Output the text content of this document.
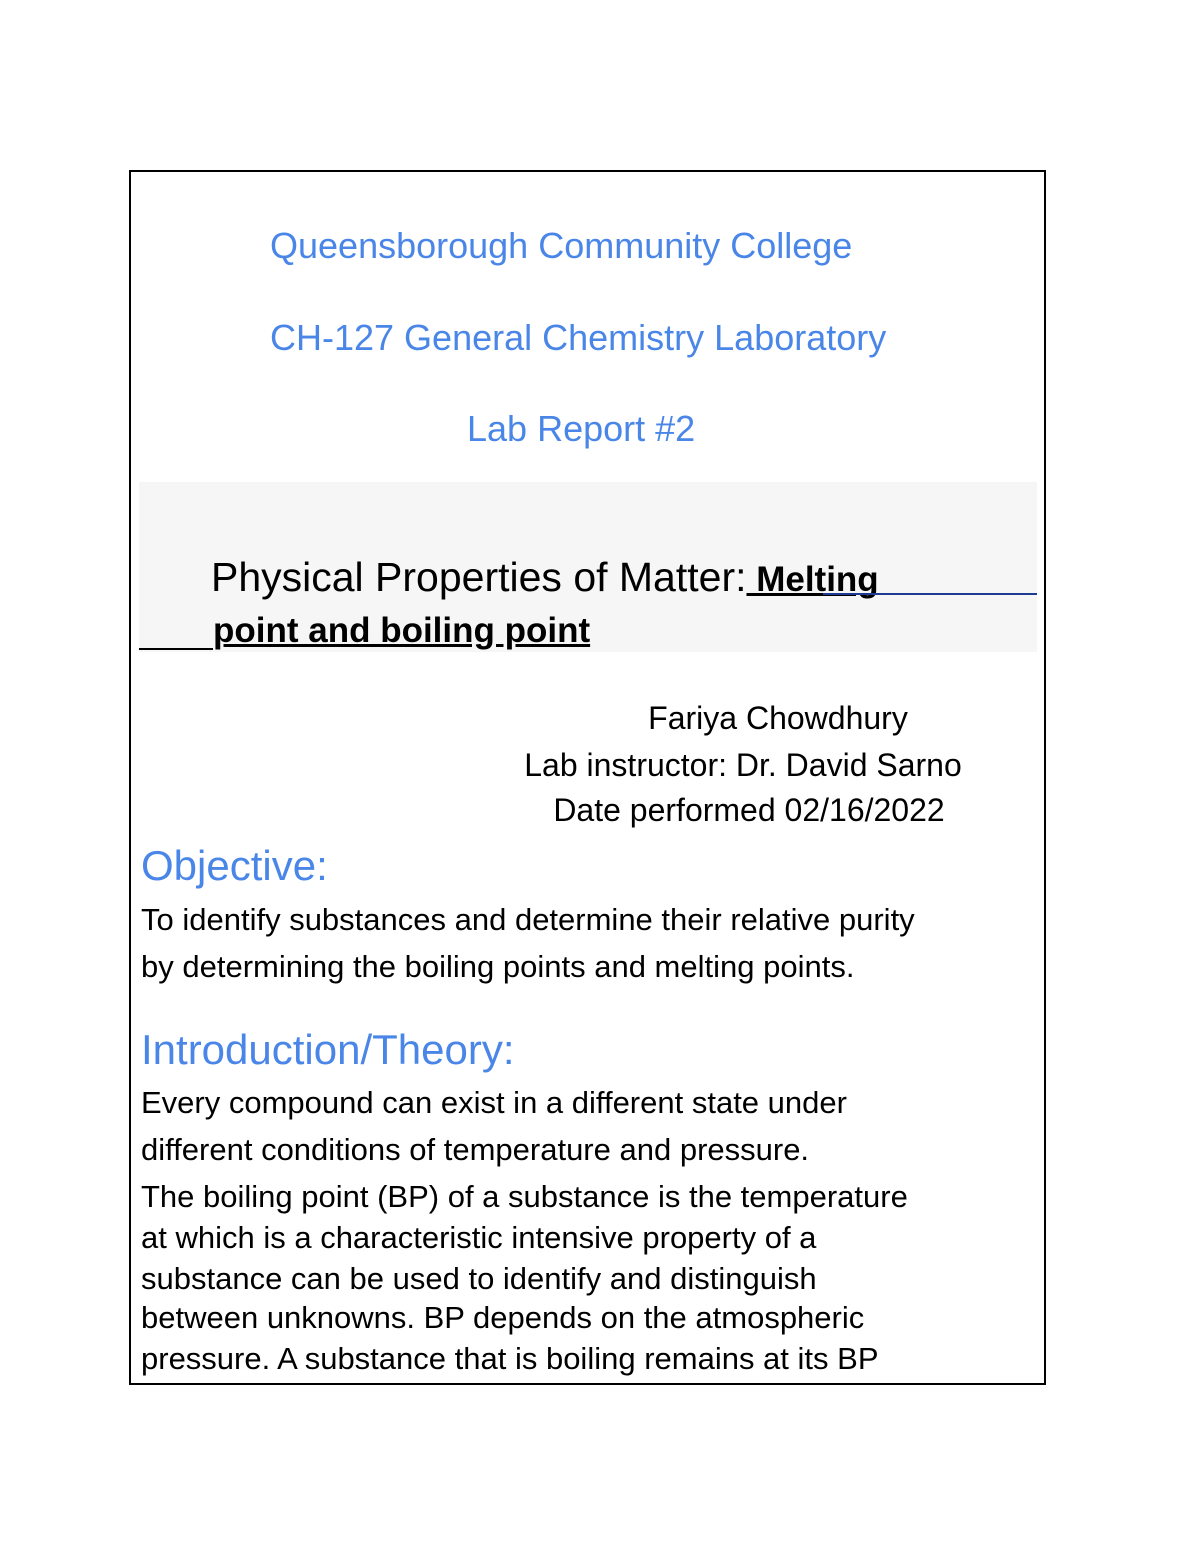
Queensborough Community College
CH-127 General Chemistry Laboratory
Lab Report #2
Physical Properties of Matter: Melting
point and boiling point
Fariya Chowdhury
Lab instructor: Dr. David Sarno
Date performed 02/16/2022
Objective:
To identify substances and determine their relative purity
by determining the boiling points and melting points.
Introduction/Theory:
Every compound can exist in a different state under
different conditions of temperature and pressure.
The boiling point (BP) of a substance is the temperature
at which is a characteristic intensive property of a
substance can be used to identify and distinguish
between unknowns. BP depends on the atmospheric
pressure. A substance that is boiling remains at its BP
